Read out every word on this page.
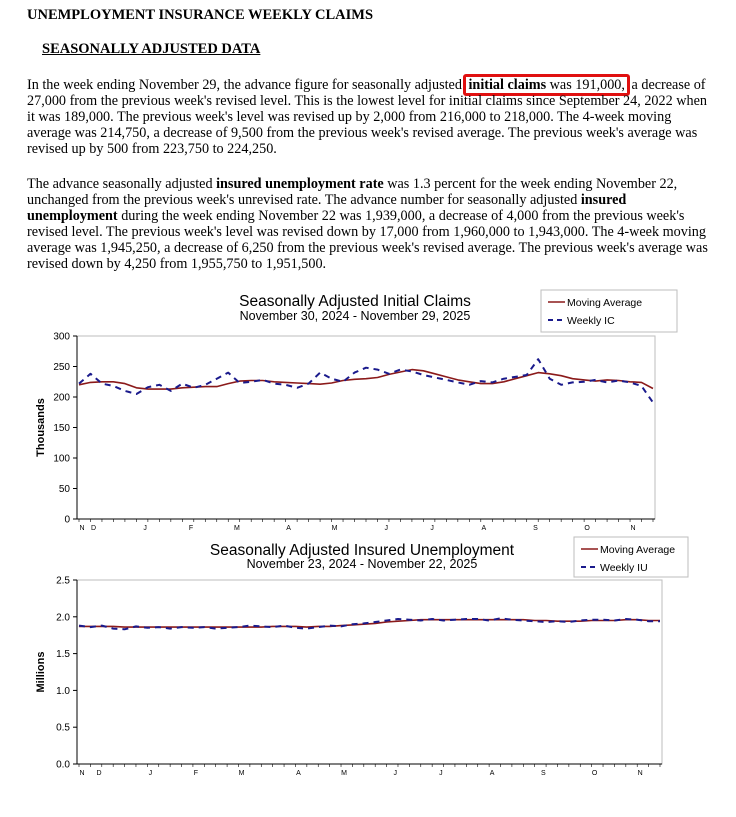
UNEMPLOYMENT INSURANCE WEEKLY CLAIMS
SEASONALLY ADJUSTED DATA

In the week ending November 29, the advance figure for seasonally adjusted initial claims was 191,000, a decrease of 27,000 from the previous week's revised level. This is the lowest level for initial claims since September 24, 2022 when it was 189,000. The previous week's level was revised up by 2,000 from 216,000 to 218,000. The 4-week moving average was 214,750, a decrease of 9,500 from the previous week's revised average. The previous week's average was revised up by 500 from 223,750 to 224,250.

The advance seasonally adjusted insured unemployment rate was 1.3 percent for the week ending November 22, unchanged from the previous week's unrevised rate. The advance number for seasonally adjusted insured unemployment during the week ending November 22 was 1,939,000, a decrease of 4,000 from the previous week's revised level. The previous week's level was revised down by 17,000 from 1,960,000 to 1,943,000. The 4-week moving average was 1,945,250, a decrease of 6,250 from the previous week's revised average. The previous week's average was revised down by 4,250 from 1,955,750 to 1,951,500.

Seasonally Adjusted Initial Claims
November 30, 2024 - November 29, 2025
0
50
100
150
200
250
300
Thousands
N D	J	F	M	A	M	J	J	A	S	O	N
Moving Average
Weekly IC
Seasonally Adjusted Insured Unemployment
November 23, 2024 - November 22, 2025
0.0
0.5
1.0
1.5
2.0
2.5
Millions
N D	J	F	M	A	M	J	J	A	S	O	N
Moving Average
Weekly IU
